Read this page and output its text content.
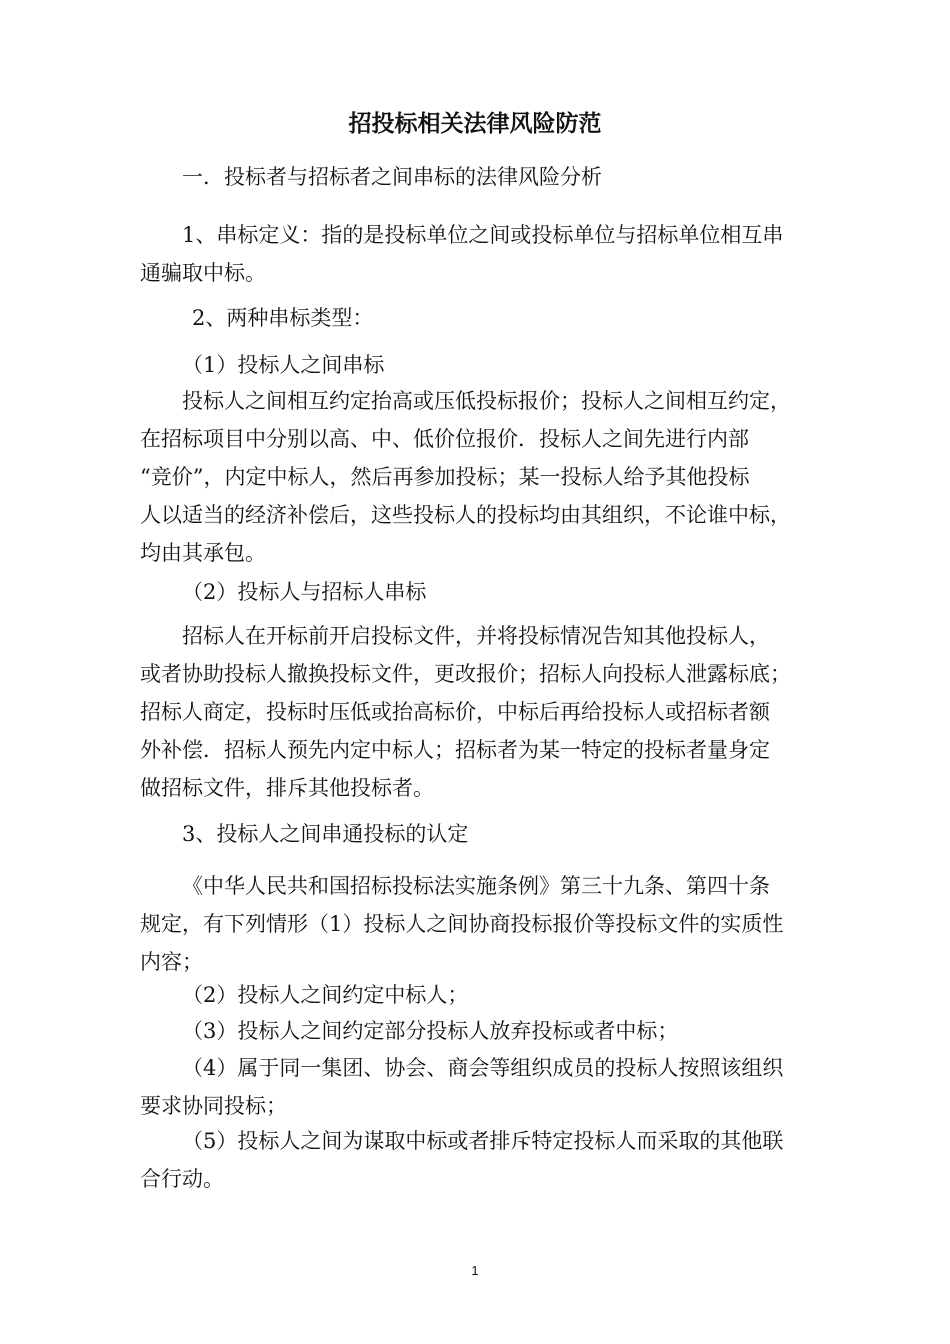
招投标相关法律风险防范

一．投标者与招标者之间串标的法律风险分析

1、串标定义：指的是投标单位之间或投标单位与招标单位相互串
通骗取中标。

2、两种串标类型：

（1）投标人之间串标

投标人之间相互约定抬高或压低投标报价；投标人之间相互约定，
在招标项目中分别以高、中、低价位报价．投标人之间先进行内部
“竞价”，内定中标人，然后再参加投标；某一投标人给予其他投标
人以适当的经济补偿后，这些投标人的投标均由其组织，不论谁中标，
均由其承包。

（2）投标人与招标人串标

招标人在开标前开启投标文件，并将投标情况告知其他投标人，
或者协助投标人撤换投标文件，更改报价；招标人向投标人泄露标底；
招标人商定，投标时压低或抬高标价，中标后再给投标人或招标者额
外补偿．招标人预先内定中标人；招标者为某一特定的投标者量身定
做招标文件，排斥其他投标者。

3、投标人之间串通投标的认定

《中华人民共和国招标投标法实施条例》第三十九条、第四十条
规定，有下列情形（1）投标人之间协商投标报价等投标文件的实质性
内容；

（2）投标人之间约定中标人；

（3）投标人之间约定部分投标人放弃投标或者中标；

（4）属于同一集团、协会、商会等组织成员的投标人按照该组织
要求协同投标；
（5）投标人之间为谋取中标或者排斥特定投标人而采取的其他联
合行动。
1
